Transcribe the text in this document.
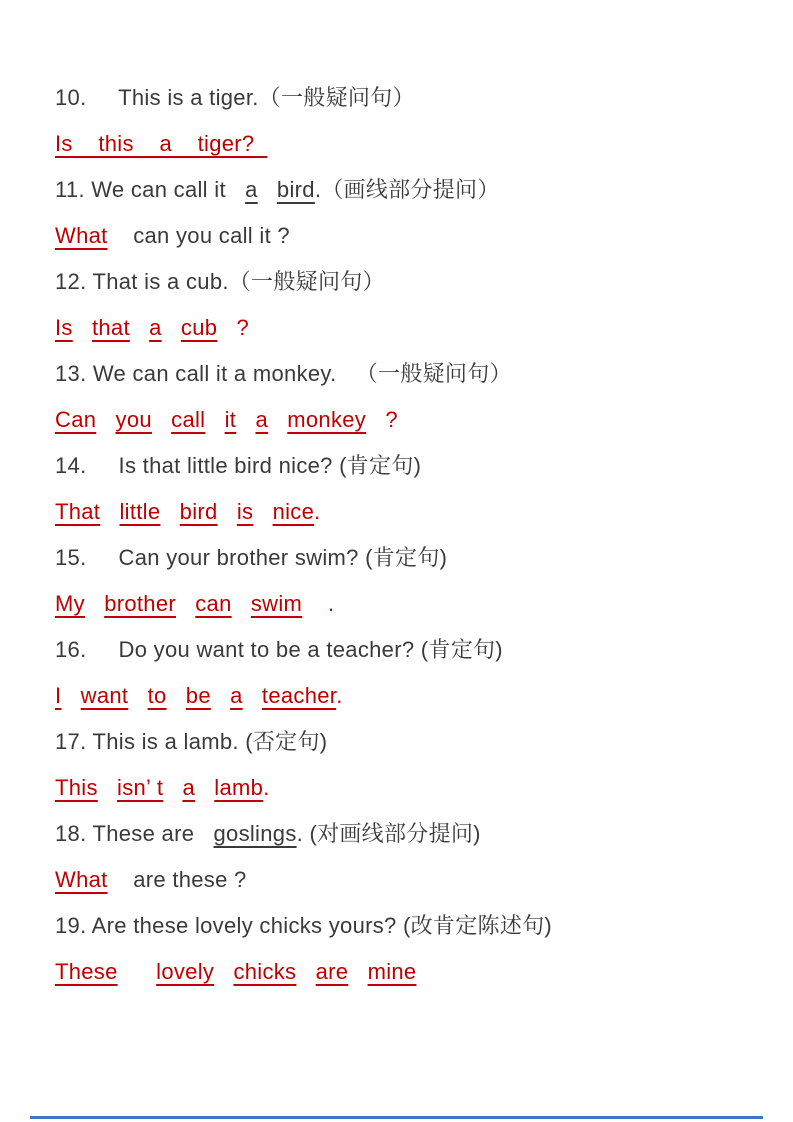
10.     This is a tiger.（一般疑问句）
Is    this    a    tiger?
11. We can call it   a bird.（画线部分提问）
What    can you call it ?
12. That is a cub.（一般疑问句）
Is that a cub ?
13. We can call it a monkey.   （一般疑问句）
Can you call it a monkey ?
14.     Is that little bird nice? (肯定句)
That little bird is nice.
15.     Can your brother swim? (肯定句)
My brother can swim .
16.     Do you want to be a teacher? (肯定句)
I want to be a teacher.
17. This is a lamb. (否定句)
This isn’ t a lamb.
18. These are   goslings. (对画线部分提问)
What    are these ?
19. Are these lovely chicks yours? (改肯定陈述句)
These lovely chicks are mine
